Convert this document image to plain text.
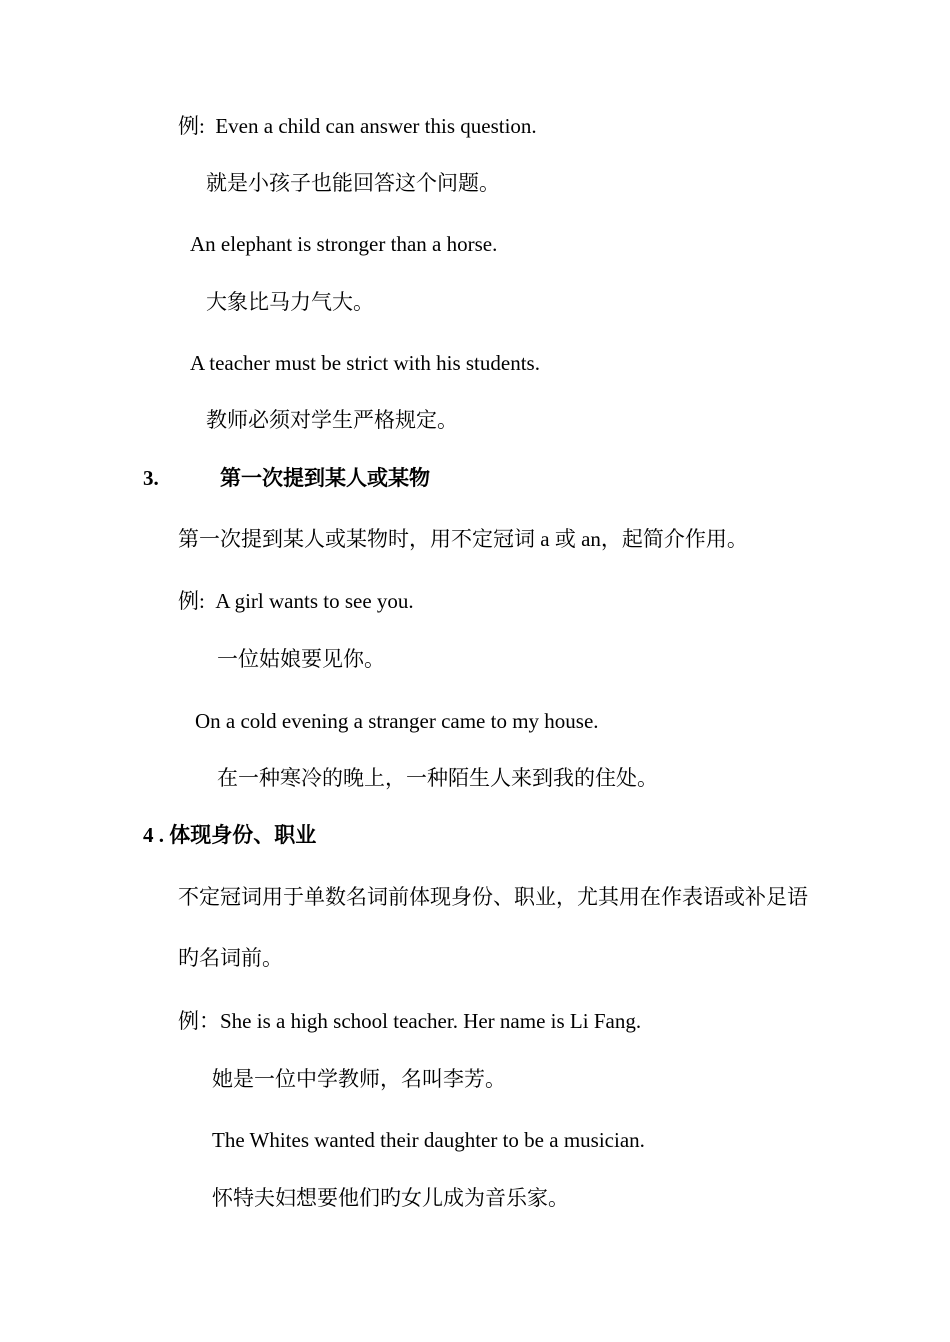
例: Even a child can answer this question.
就是小孩子也能回答这个问题。
An elephant is stronger than a horse.
大象比马力气大。
A teacher must be strict with his students.
教师必须对学生严格规定。
3.	第一次提到某人或某物
第一次提到某人或某物时，用不定冠词 a 或 an，起简介作用。
例: A girl wants to see you.
一位姑娘要见你。
On a cold evening a stranger came to my house.
在一种寒冷的晚上，一种陌生人来到我的住处。
4 . 体现身份、职业
不定冠词用于单数名词前体现身份、职业，尤其用在作表语或补足语
旳名词前。
例：She is a high school teacher. Her name is Li Fang.
她是一位中学教师，名叫李芳。
The Whites wanted their daughter to be a musician.
怀特夫妇想要他们旳女儿成为音乐家。
